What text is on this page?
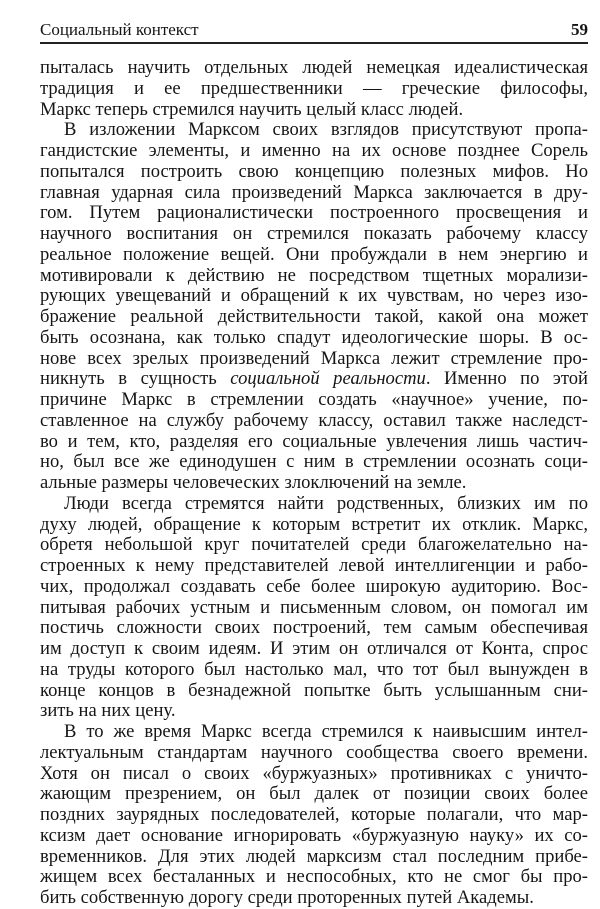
Социальный контекст	59
пыталась научить отдельных людей немецкая идеалистическая
традиция и ее предшественники — греческие философы,
Маркс теперь стремился научить целый класс людей.
В изложении Марксом своих взглядов присутствуют пропа-
гандистские элементы, и именно на их основе позднее Сорель
попытался построить свою концепцию полезных мифов. Но
главная ударная сила произведений Маркса заключается в дру-
гом. Путем рационалистически построенного просвещения и
научного воспитания он стремился показать рабочему классу
реальное положение вещей. Они пробуждали в нем энергию и
мотивировали к действию не посредством тщетных морализи-
рующих увещеваний и обращений к их чувствам, но через изо-
бражение реальной действительности такой, какой она может
быть осознана, как только спадут идеологические шоры. В ос-
нове всех зрелых произведений Маркса лежит стремление про-
никнуть в сущность социальной реальности. Именно по этой
причине Маркс в стремлении создать «научное» учение, по-
ставленное на службу рабочему классу, оставил также наследст-
во и тем, кто, разделяя его социальные увлечения лишь частич-
но, был все же единодушен с ним в стремлении осознать соци-
альные размеры человеческих злоключений на земле.
Люди всегда стремятся найти родственных, близких им по
духу людей, обращение к которым встретит их отклик. Маркс,
обретя небольшой круг почитателей среди благожелательно на-
строенных к нему представителей левой интеллигенции и рабо-
чих, продолжал создавать себе более широкую аудиторию. Вос-
питывая рабочих устным и письменным словом, он помогал им
постичь сложности своих построений, тем самым обеспечивая
им доступ к своим идеям. И этим он отличался от Конта, спрос
на труды которого был настолько мал, что тот был вынужден в
конце концов в безнадежной попытке быть услышанным сни-
зить на них цену.
В то же время Маркс всегда стремился к наивысшим интел-
лектуальным стандартам научного сообщества своего времени.
Хотя он писал о своих «буржуазных» противниках с уничто-
жающим презрением, он был далек от позиции своих более
поздних заурядных последователей, которые полагали, что мар-
ксизм дает основание игнорировать «буржуазную науку» их со-
временников. Для этих людей марксизм стал последним прибе-
жищем всех бесталанных и неспособных, кто не смог бы про-
бить собственную дорогу среди проторенных путей Академы.
